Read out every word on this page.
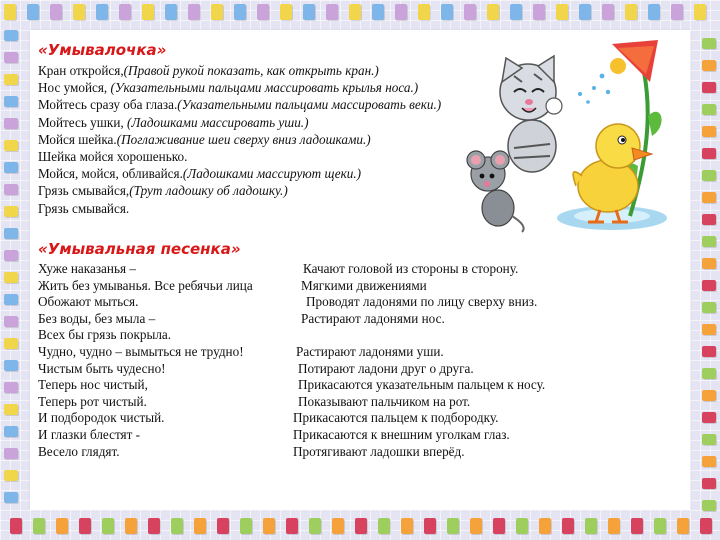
«Умывалочка»
Кран откройся,(Правой рукой показать, как открыть кран.)
Нос умойся, (Указательными пальцами массировать крылья носа.)
Мойтесь сразу оба глаза.(Указательными пальцами массировать веки.)
Мойтесь ушки, (Ладошками массировать уши.)
Мойся шейка.(Поглаживание шеи сверху вниз ладошками.)
Шейка мойся хорошенько.
Мойся, мойся, обливайся.(Ладошками массируют щеки.)
Грязь смывайся,(Трут ладошку об ладошку.)
Грязь смывайся.
«Умывальная песенка»
Хуже наказанья –	Качают головой из стороны в сторону.
Жить без умыванья. Все ребячьи лица	Мягкими движениями
Обожают мыться.	Проводят ладонями по лицу сверху вниз.
Без воды, без мыла –	Растирают ладонями нос.
Всех бы грязь покрыла.
Чудно, чудно – вымыться не трудно!	Растирают ладонями уши.
Чистым быть чудесно!	Потирают ладони друг о друга.
Теперь нос чистый,	Прикасаются указательным пальцем к носу.
Теперь рот чистый.	Показывают пальчиком на рот.
И подбородок чистый.	Прикасаются пальцем к подбородку.
И глазки блестят -	Прикасаются к внешним уголкам глаз.
Весело глядят.	Протягивают ладошки вперёд.
